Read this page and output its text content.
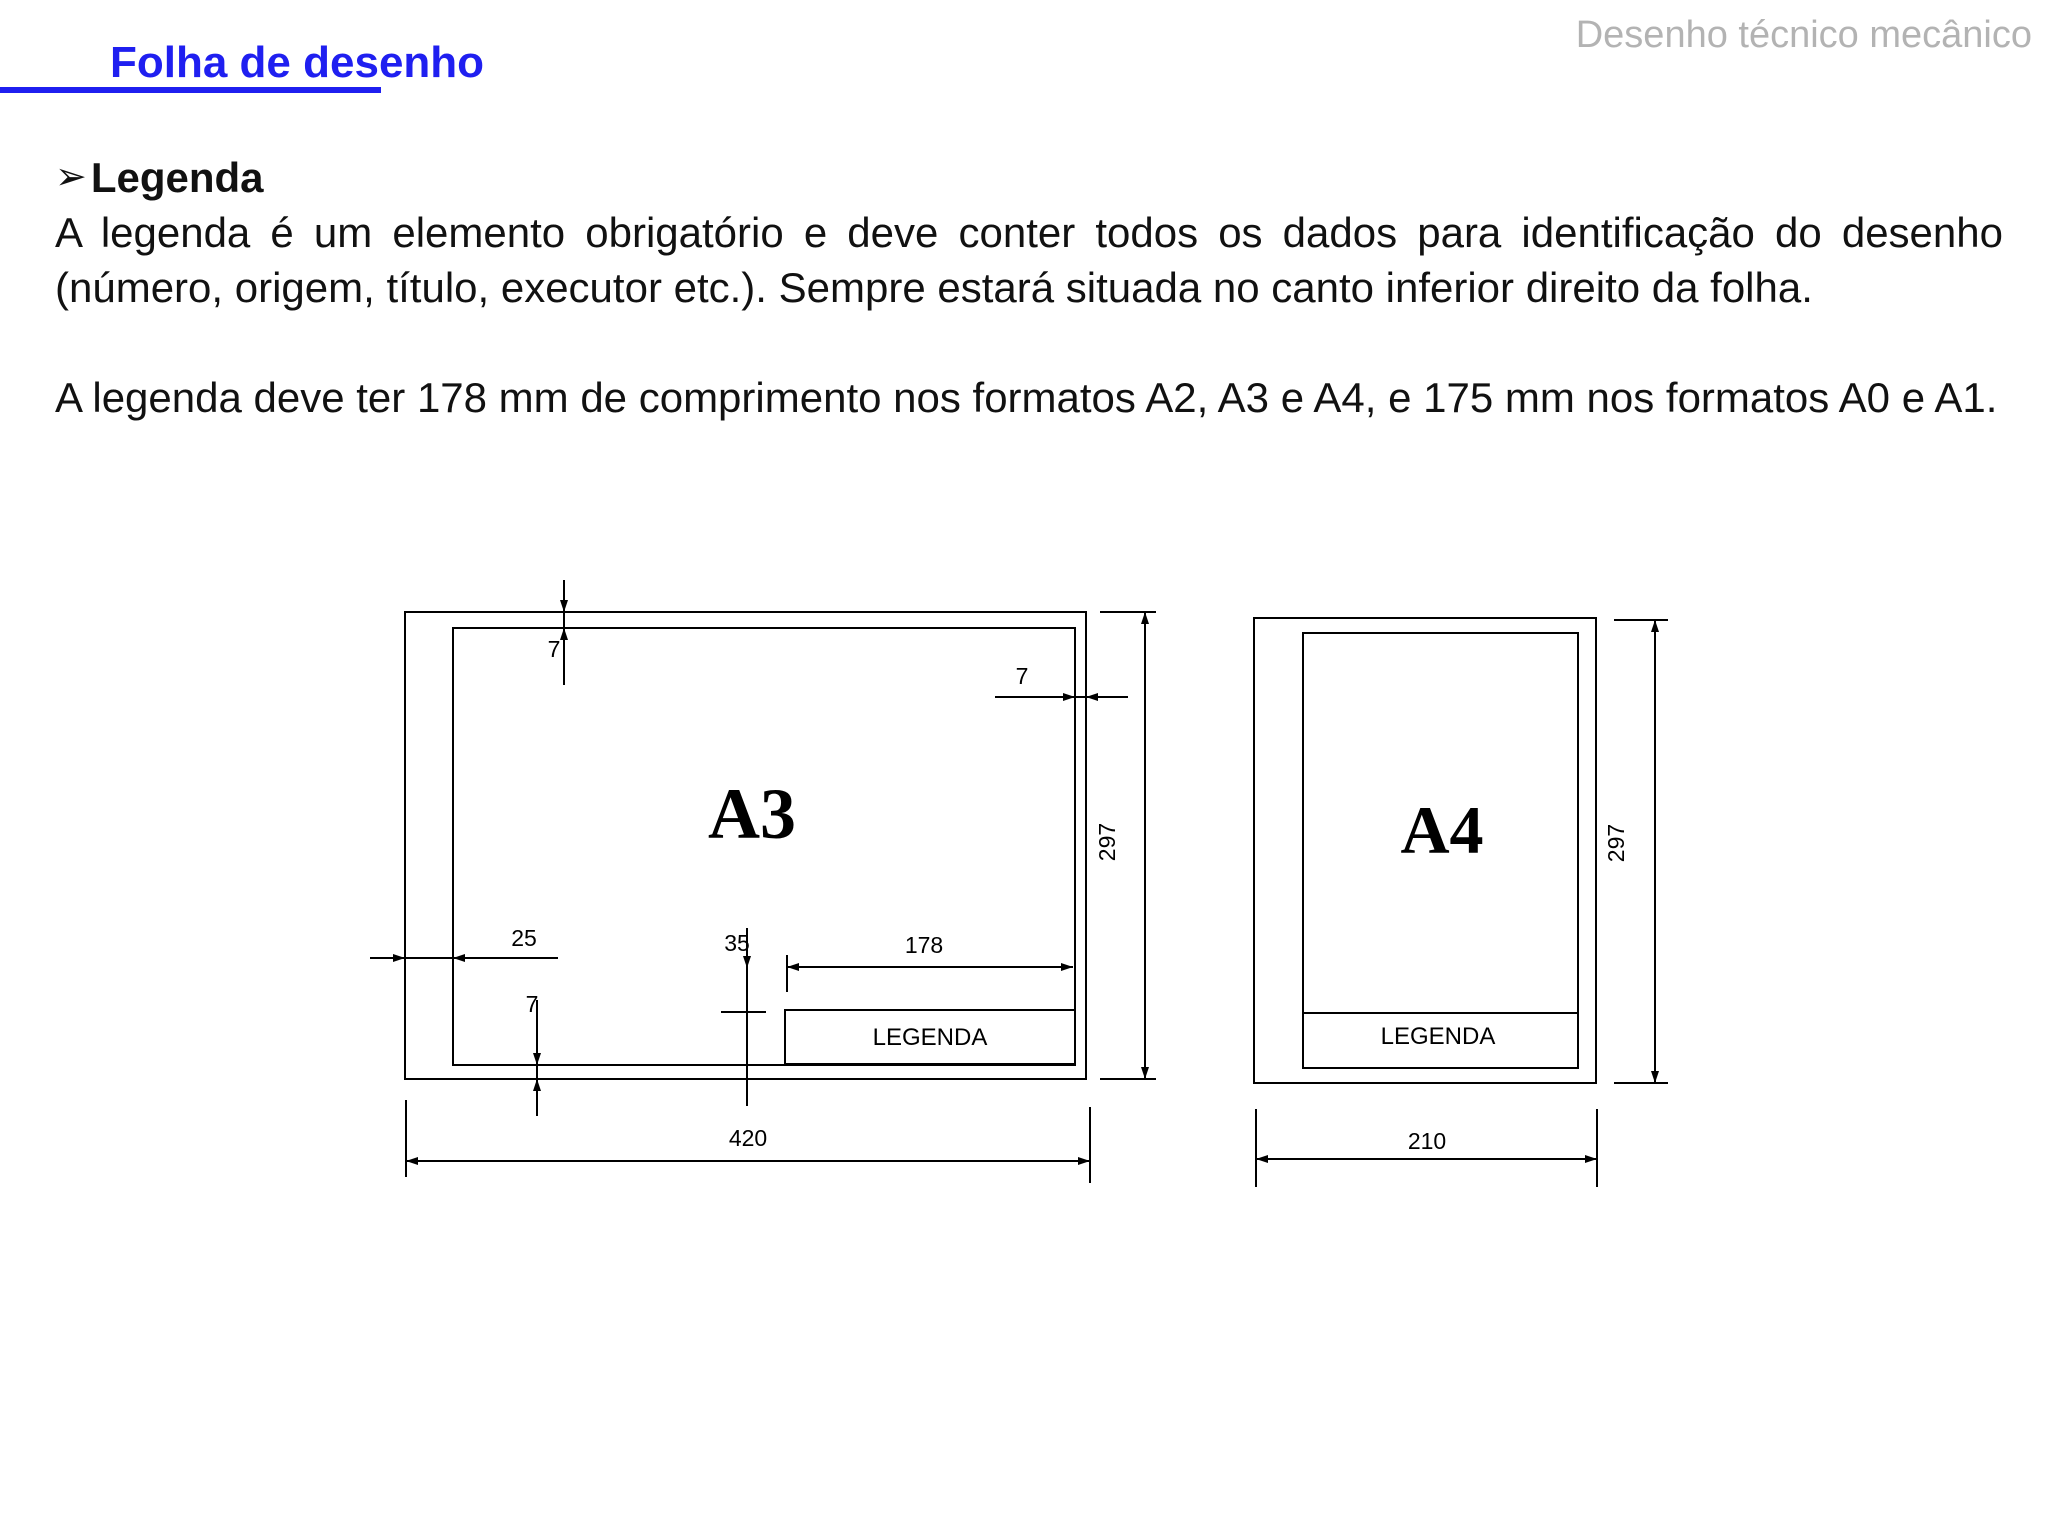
Desenho técnico mecânico
Folha de desenho
➢ Legenda

A legenda é um elemento obrigatório e deve conter todos os dados para identificação do desenho (número, origem, título, executor etc.). Sempre estará situada no canto inferior direito da folha.

A legenda deve ter 178 mm de comprimento nos formatos A2, A3 e A4, e 175 mm nos formatos A0 e A1.

A3
LEGENDA
7
7
25
7
35	178
297
420
A4
LEGENDA
297
210
